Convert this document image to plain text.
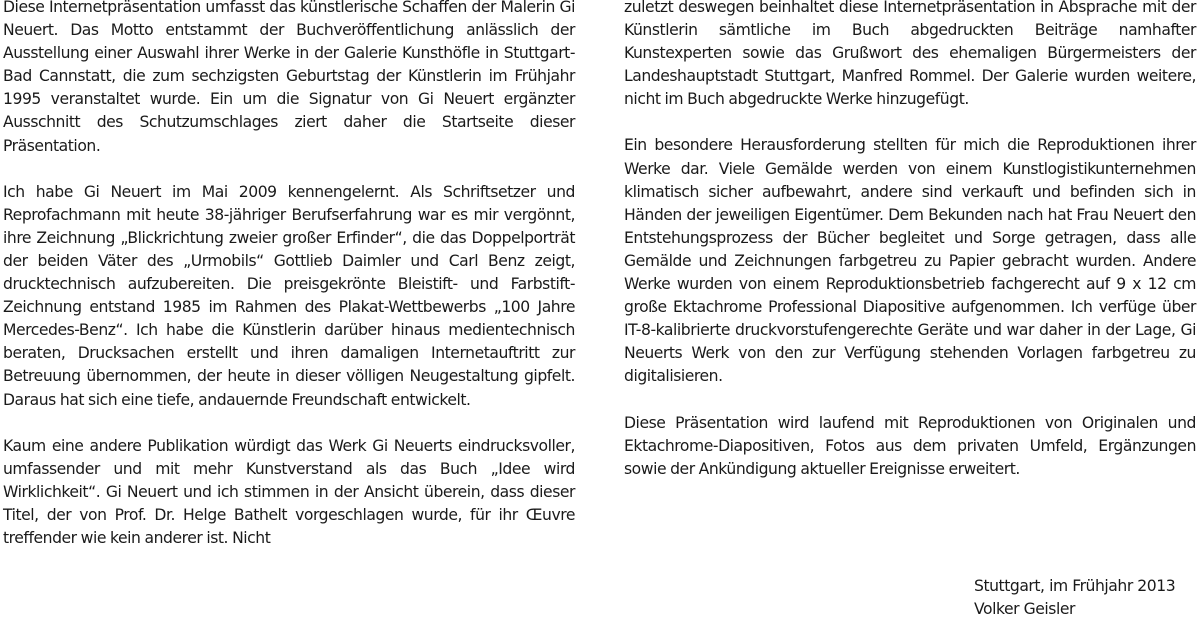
Diese Internetpräsentation umfasst das künstlerische Schaffen der Malerin Gi Neuert. Das Motto entstammt der Buchveröffentlichung anlässlich der Ausstellung einer Auswahl ihrer Werke in der Galerie Kunsthöfle in Stuttgart-Bad Cannstatt, die zum sechzigsten Geburtstag der Künstlerin im Frühjahr 1995 veranstaltet wurde. Ein um die Signatur von Gi Neuert ergänzter Ausschnitt des Schutzumschlages ziert daher die Startseite dieser Präsentation.

Ich habe Gi Neuert im Mai 2009 kennengelernt. Als Schriftsetzer und Reprofachmann mit heute 38-jähriger Berufserfahrung war es mir vergönnt, ihre Zeichnung „Blickrichtung zweier großer Erfinder“, die das Doppelporträt der beiden Väter des „Urmobils“ Gottlieb Daimler und Carl Benz zeigt, drucktechnisch aufzubereiten. Die preisgekrönte Bleistift- und Farbstift-Zeichnung entstand 1985 im Rahmen des Plakat-Wettbewerbs „100 Jahre Mercedes-Benz“. Ich habe die Künstlerin darüber hinaus medientechnisch beraten, Drucksachen erstellt und ihren damaligen Internetauftritt zur Betreuung übernommen, der heute in dieser völligen Neugestaltung gipfelt. Daraus hat sich eine tiefe, andauernde Freundschaft entwickelt.

Kaum eine andere Publikation würdigt das Werk Gi Neuerts eindrucksvoller, umfassender und mit mehr Kunstverstand als das Buch „Idee wird Wirklichkeit“. Gi Neuert und ich stimmen in der Ansicht überein, dass dieser Titel, der von Prof. Dr. Helge Bathelt vorgeschlagen wurde, für ihr Œuvre treffender wie kein anderer ist. Nicht

zuletzt deswegen beinhaltet diese Internetpräsentation in Absprache mit der Künstlerin sämtliche im Buch abgedruckten Beiträge namhafter Kunstexperten sowie das Grußwort des ehemaligen Bürgermeisters der Landeshauptstadt Stuttgart, Manfred Rommel. Der Galerie wurden weitere, nicht im Buch abgedruckte Werke hinzugefügt.

Ein besondere Herausforderung stellten für mich die Reproduktionen ihrer Werke dar. Viele Gemälde werden von einem Kunstlogistikunternehmen klimatisch sicher aufbewahrt, andere sind verkauft und befinden sich in Händen der jeweiligen Eigentümer. Dem Bekunden nach hat Frau Neuert den Entstehungsprozess der Bücher begleitet und Sorge getragen, dass alle Gemälde und Zeichnungen farbgetreu zu Papier gebracht wurden. Andere Werke wurden von einem Reproduktionsbetrieb fachgerecht auf 9 x 12 cm große Ektachrome Professional Diapositive aufgenommen. Ich verfüge über IT-8-kalibrierte druckvorstufengerechte Geräte und war daher in der Lage, Gi Neuerts Werk von den zur Verfügung stehenden Vorlagen farbgetreu zu digitalisieren.

Diese Präsentation wird laufend mit Reproduktionen von Originalen und Ektachrome-Diapositiven, Fotos aus dem privaten Umfeld, Ergänzungen sowie der Ankündigung aktueller Ereignisse erweitert.

Stuttgart, im Frühjahr 2013
Volker Geisler
